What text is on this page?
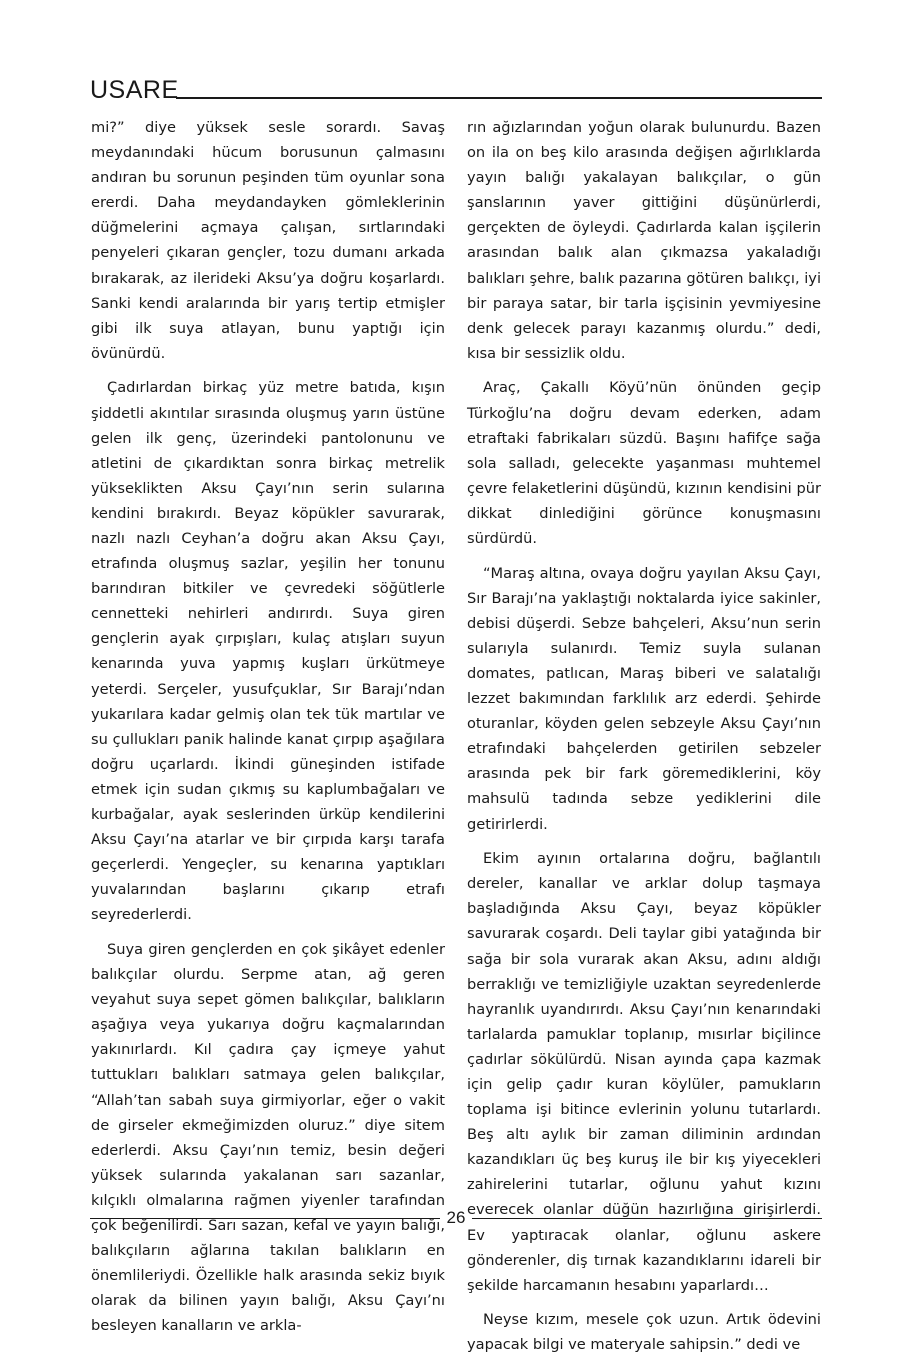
USARE

mi?” diye yüksek sesle sorardı. Savaş meydanındaki hücum borusunun çalmasını andıran bu sorunun peşinden tüm oyunlar sona ererdi. Daha meydandayken gömleklerinin düğmelerini açmaya çalışan, sırtlarındaki penyeleri çıkaran gençler, tozu dumanı arkada bırakarak, az ilerideki Aksu’ya doğru koşarlardı. Sanki kendi aralarında bir yarış tertip etmişler gibi ilk suya atlayan, bunu yaptığı için övünürdü.

Çadırlardan birkaç yüz metre batıda, kışın şiddetli akıntılar sırasında oluşmuş yarın üstüne gelen ilk genç, üzerindeki pantolonunu ve atletini de çıkardıktan sonra birkaç metrelik yükseklikten Aksu Çayı’nın serin sularına kendini bırakırdı. Beyaz köpükler savurarak, nazlı nazlı Ceyhan’a doğru akan Aksu Çayı, etrafında oluşmuş sazlar, yeşilin her tonunu barındıran bitkiler ve çevredeki söğütlerle cennetteki nehirleri andırırdı. Suya giren gençlerin ayak çırpışları, kulaç atışları suyun kenarında yuva yapmış kuşları ürkütmeye yeterdi. Serçeler, yusufçuklar, Sır Barajı’ndan yukarılara kadar gelmiş olan tek tük martılar ve su çullukları panik halinde kanat çırpıp aşağılara doğru uçarlardı. İkindi güneşinden istifade etmek için sudan çıkmış su kaplumbağaları ve kurbağalar, ayak seslerinden ürküp kendilerini Aksu Çayı’na atarlar ve bir çırpıda karşı tarafa geçerlerdi. Yengeçler, su kenarına yaptıkları yuvalarından başlarını çıkarıp etrafı seyrederlerdi.

Suya giren gençlerden en çok şikâyet edenler balıkçılar olurdu. Serpme atan, ağ geren veyahut suya sepet gömen balıkçılar, balıkların aşağıya veya yukarıya doğru kaçmalarından yakınırlardı. Kıl çadıra çay içmeye yahut tuttukları balıkları satmaya gelen balıkçılar, “Allah’tan sabah suya girmiyorlar, eğer o vakit de girseler ekmeğimizden oluruz.” diye sitem ederlerdi. Aksu Çayı’nın temiz, besin değeri yüksek sularında yakalanan sarı sazanlar, kılçıklı olmalarına rağmen yiyenler tarafından çok beğenilirdi. Sarı sazan, kefal ve yayın balığı, balıkçıların ağlarına takılan balıkların en önemlileriydi. Özellikle halk arasında sekiz bıyık olarak da bilinen yayın balığı, Aksu Çayı’nı besleyen kanalların ve arkla-

rın ağızlarından yoğun olarak bulunurdu. Bazen on ila on beş kilo arasında değişen ağırlıklarda yayın balığı yakalayan balıkçılar, o gün şanslarının yaver gittiğini düşünürlerdi, gerçekten de öyleydi. Çadırlarda kalan işçilerin arasından balık alan çıkmazsa yakaladığı balıkları şehre, balık pazarına götüren balıkçı, iyi bir paraya satar, bir tarla işçisinin yevmiyesine denk gelecek parayı kazanmış olurdu.” dedi, kısa bir sessizlik oldu.

Araç, Çakallı Köyü’nün önünden geçip Türkoğlu’na doğru devam ederken, adam etraftaki fabrikaları süzdü. Başını hafifçe sağa sola salladı, gelecekte yaşanması muhtemel çevre felaketlerini düşündü, kızının kendisini pür dikkat dinlediğini görünce konuşmasını sürdürdü.

“Maraş altına, ovaya doğru yayılan Aksu Çayı, Sır Barajı’na yaklaştığı noktalarda iyice sakinler, debisi düşerdi. Sebze bahçeleri, Aksu’nun serin sularıyla sulanırdı. Temiz suyla sulanan domates, patlıcan, Maraş biberi ve salatalığı lezzet bakımından farklılık arz ederdi. Şehirde oturanlar, köyden gelen sebzeyle Aksu Çayı’nın etrafındaki bahçelerden getirilen sebzeler arasında pek bir fark göremediklerini, köy mahsulü tadında sebze yediklerini dile getirirlerdi.

Ekim ayının ortalarına doğru, bağlantılı dereler, kanallar ve arklar dolup taşmaya başladığında Aksu Çayı, beyaz köpükler savurarak coşardı. Deli taylar gibi yatağında bir sağa bir sola vurarak akan Aksu, adını aldığı berraklığı ve temizliğiyle uzaktan seyredenlerde hayranlık uyandırırdı. Aksu Çayı’nın kenarındaki tarlalarda pamuklar toplanıp, mısırlar biçilince çadırlar sökülürdü. Nisan ayında çapa kazmak için gelip çadır kuran köylüler, pamukların toplama işi bitince evlerinin yolunu tutarlardı. Beş altı aylık bir zaman diliminin ardından kazandıkları üç beş kuruş ile bir kış yiyecekleri zahirelerini tutarlar, oğlunu yahut kızını everecek olanlar düğün hazırlığına girişirlerdi. Ev yaptıracak olanlar, oğlunu askere gönderenler, diş tırnak kazandıklarını idareli bir şekilde harcamanın hesabını yaparlardı…

Neyse kızım, mesele çok uzun. Artık ödevini yapacak bilgi ve materyale sahipsin.” dedi ve

26
